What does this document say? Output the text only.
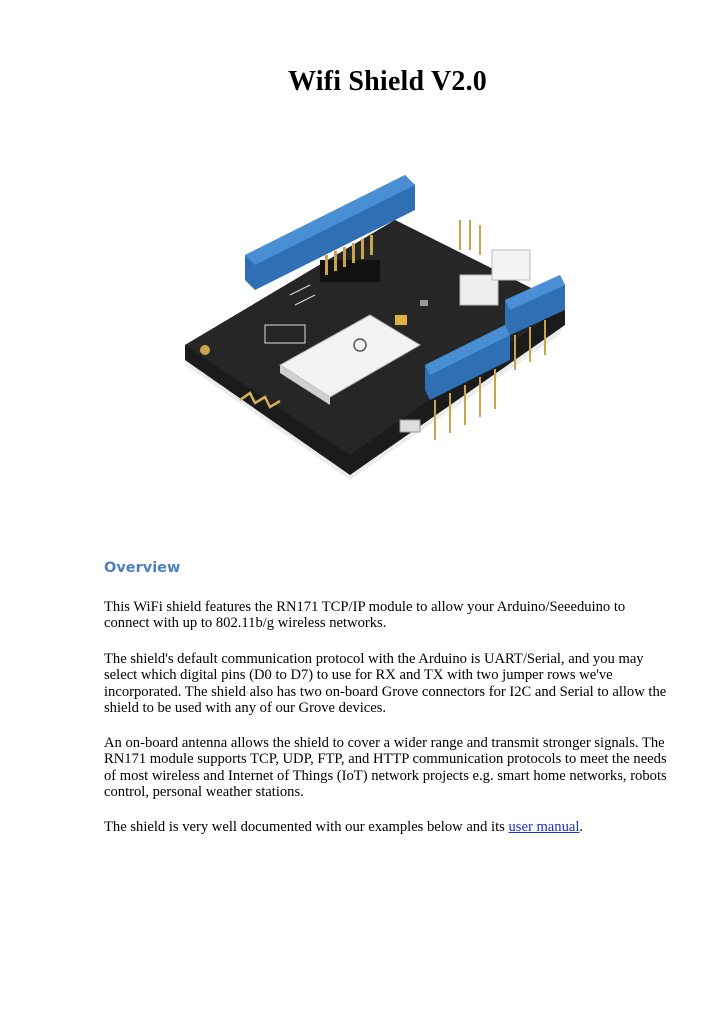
Wifi Shield V2.0
Overview

This WiFi shield features the RN171 TCP/IP module to allow your Arduino/Seeeduino to connect with up to 802.11b/g wireless networks.

The shield's default communication protocol with the Arduino is UART/Serial, and you may select which digital pins (D0 to D7) to use for RX and TX with two jumper rows we've incorporated. The shield also has two on-board Grove connectors for I2C and Serial to allow the shield to be used with any of our Grove devices.

An on-board antenna allows the shield to cover a wider range and transmit stronger signals. The RN171 module supports TCP, UDP, FTP, and HTTP communication protocols to meet the needs of most wireless and Internet of Things (IoT) network projects e.g. smart home networks, robots control, personal weather stations.

The shield is very well documented with our examples below and its user manual.
